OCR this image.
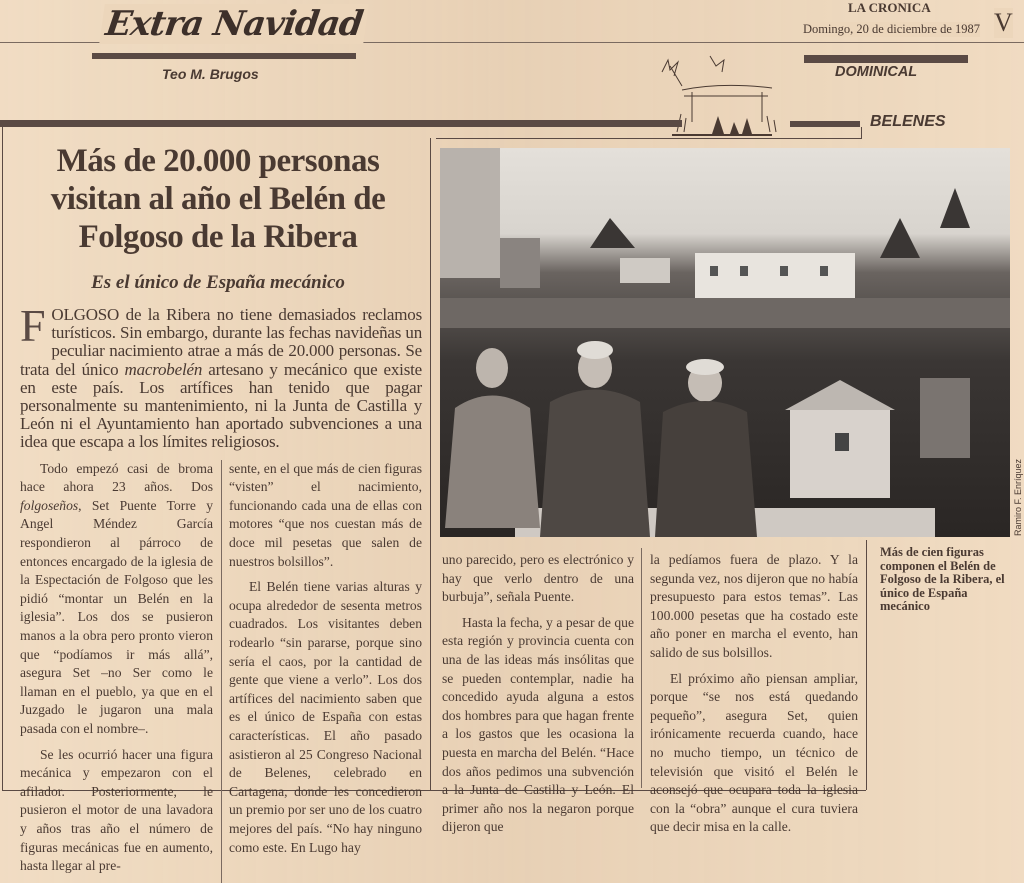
Extra Navidad
Teo M. Brugos
LA CRONICA
Domingo, 20 de diciembre de 1987 V
DOMINICAL
BELENES
Más de 20.000 personas visitan al año el Belén de Folgoso de la Ribera
Es el único de España mecánico
FOLGOSO de la Ribera no tiene demasiados reclamos turísticos. Sin embargo, durante las fechas navideñas un peculiar nacimiento atrae a más de 20.000 personas. Se trata del único macrobelén artesano y mecánico que existe en este país. Los artífices han tenido que pagar personalmente su mantenimiento, ni la Junta de Castilla y León ni el Ayuntamiento han aportado subvenciones a una idea que escapa a los límites religiosos.

Todo empezó casi de broma hace ahora 23 años. Dos folgoseños, Set Puente Torre y Angel Méndez García respondieron al párroco de entonces encargado de la iglesia de la Espectación de Folgoso que les pidió “montar un Belén en la iglesia”. Los dos se pusieron manos a la obra pero pronto vieron que “podíamos ir más allá”, asegura Set –no Ser como le llaman en el pueblo, ya que en el Juzgado le jugaron una mala pasada con el nombre–.

Se les ocurrió hacer una figura mecánica y empezaron con el afilador. Posteriormente, le pusieron el motor de una lavadora y años tras año el número de figuras mecánicas fue en aumento, hasta llegar al pre-

sente, en el que más de cien figuras “visten” el nacimiento, funcionando cada una de ellas con motores “que nos cuestan más de doce mil pesetas que salen de nuestros bolsillos”.

El Belén tiene varias alturas y ocupa alrededor de sesenta metros cuadrados. Los visitantes deben rodearlo “sin pararse, porque sino sería el caos, por la cantidad de gente que viene a verlo”. Los dos artífices del nacimiento saben que es el único de España con estas características. El año pasado asistieron al 25 Congreso Nacional de Belenes, celebrado en Cartagena, donde les concedieron un premio por ser uno de los cuatro mejores del país. “No hay ninguno como este. En Lugo hay

uno parecido, pero es electrónico y hay que verlo dentro de una burbuja”, señala Puente.

Hasta la fecha, y a pesar de que esta región y provincia cuenta con una de las ideas más insólitas que se pueden contemplar, nadie ha concedido ayuda alguna a estos dos hombres para que hagan frente a los gastos que les ocasiona la puesta en marcha del Belén. “Hace dos años pedimos una subvención a la Junta de Castilla y León. El primer año nos la negaron porque dijeron que

la pedíamos fuera de plazo. Y la segunda vez, nos dijeron que no había presupuesto para estos temas”. Las 100.000 pesetas que ha costado este año poner en marcha el evento, han salido de sus bolsillos.

El próximo año piensan ampliar, porque “se nos está quedando pequeño”, asegura Set, quien irónicamente recuerda cuando, hace no mucho tiempo, un técnico de televisión que visitó el Belén le aconsejó que ocupara toda la iglesia con la “obra” aunque el cura tuviera que decir misa en la calle.

Ramiro F. Enríquez
Más de cien figuras componen el Belén de Folgoso de la Ribera, el único de España mecánico
